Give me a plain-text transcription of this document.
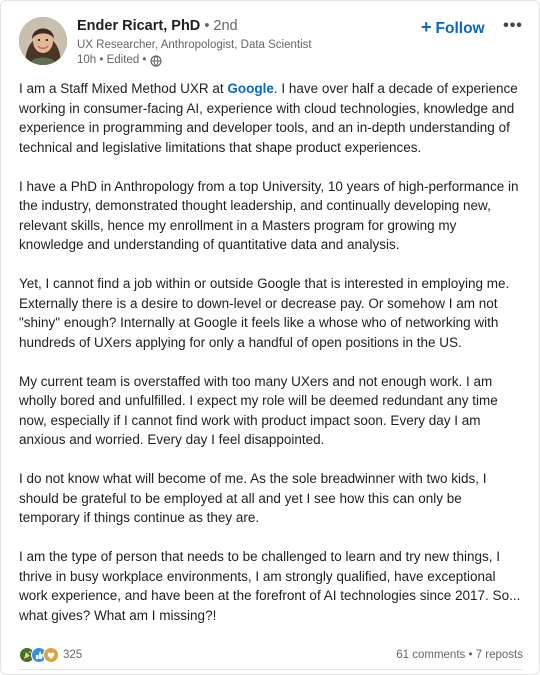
Ender Ricart, PhD • 2nd
UX Researcher, Anthropologist, Data Scientist
10h • Edited •
+ Follow •••

I am a Staff Mixed Method UXR at Google. I have over half a decade of experience working in consumer-facing AI, experience with cloud technologies, knowledge and experience in programming and developer tools, and an in-depth understanding of technical and legislative limitations that shape product experiences.

I have a PhD in Anthropology from a top University, 10 years of high-performance in the industry, demonstrated thought leadership, and continually developing new, relevant skills, hence my enrollment in a Masters program for growing my knowledge and understanding of quantitative data and analysis.

Yet, I cannot find a job within or outside Google that is interested in employing me. Externally there is a desire to down-level or decrease pay. Or somehow I am not "shiny" enough? Internally at Google it feels like a whose who of networking with hundreds of UXers applying for only a handful of open positions in the US.

My current team is overstaffed with too many UXers and not enough work. I am wholly bored and unfulfilled. I expect my role will be deemed redundant any time now, especially if I cannot find work with product impact soon. Every day I am anxious and worried. Every day I feel disappointed.

I do not know what will become of me. As the sole breadwinner with two kids, I should be grateful to be employed at all and yet I see how this can only be temporary if things continue as they are.

I am the type of person that needs to be challenged to learn and try new things, I thrive in busy workplace environments, I am strongly qualified, have exceptional work experience, and have been at the forefront of AI technologies since 2017. So... what gives? What am I missing?!

325	61 comments • 7 reposts
